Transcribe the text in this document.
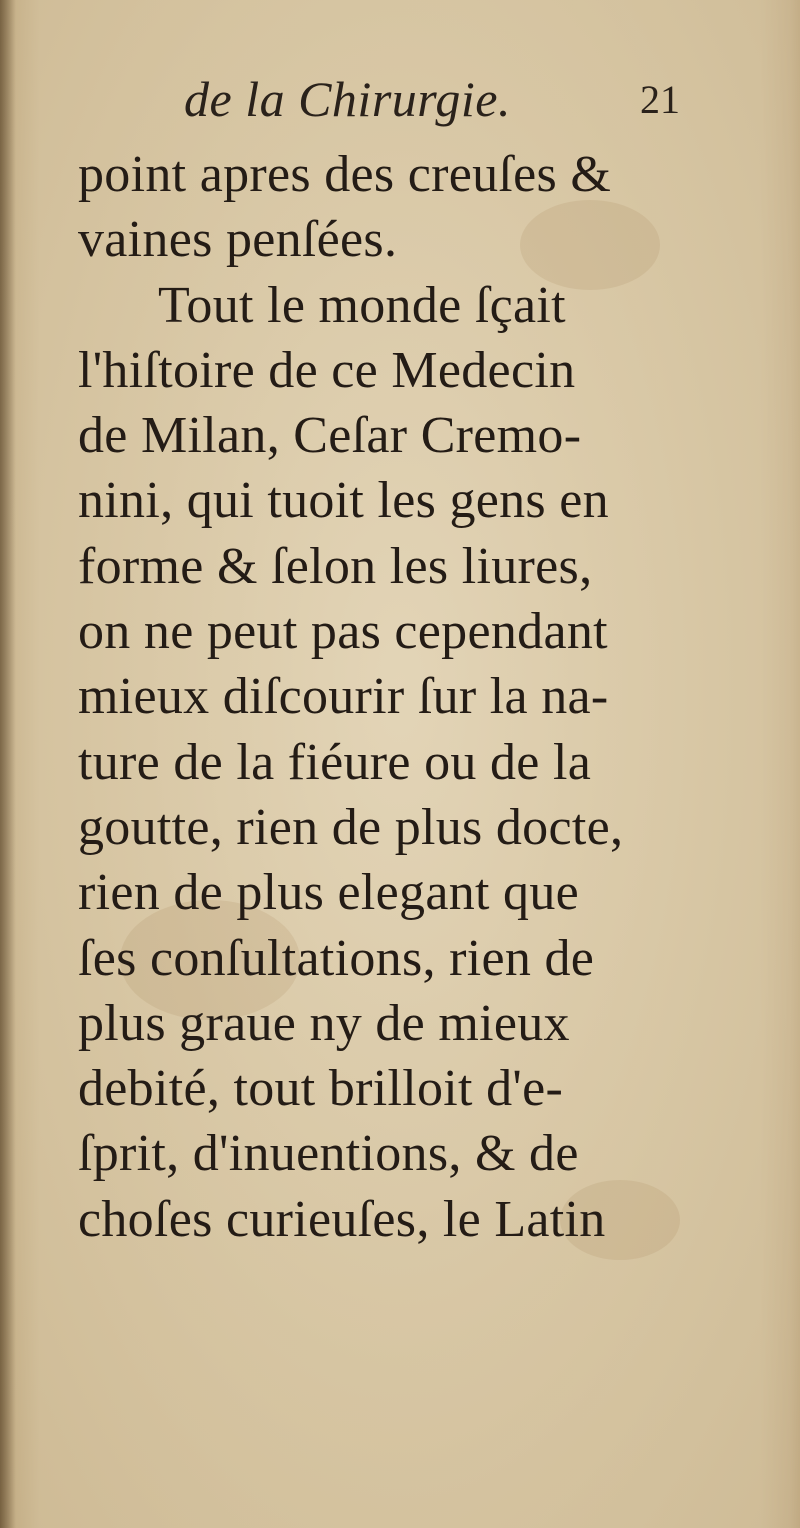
de la Chirurgie.	21
point apres des creuſes &
vaines penſées.
Tout le monde ſçait
l'hiſtoire de ce Medecin
de Milan, Ceſar Cremo-
nini, qui tuoit les gens en
forme & ſelon les liures,
on ne peut pas cependant
mieux diſcourir ſur la na-
ture de la fiéure ou de la
goutte, rien de plus docte,
rien de plus elegant que
ſes conſultations, rien de
plus graue ny de mieux
debité, tout brilloit d'e-
ſprit, d'inuentions, & de
choſes curieuſes, le Latin
